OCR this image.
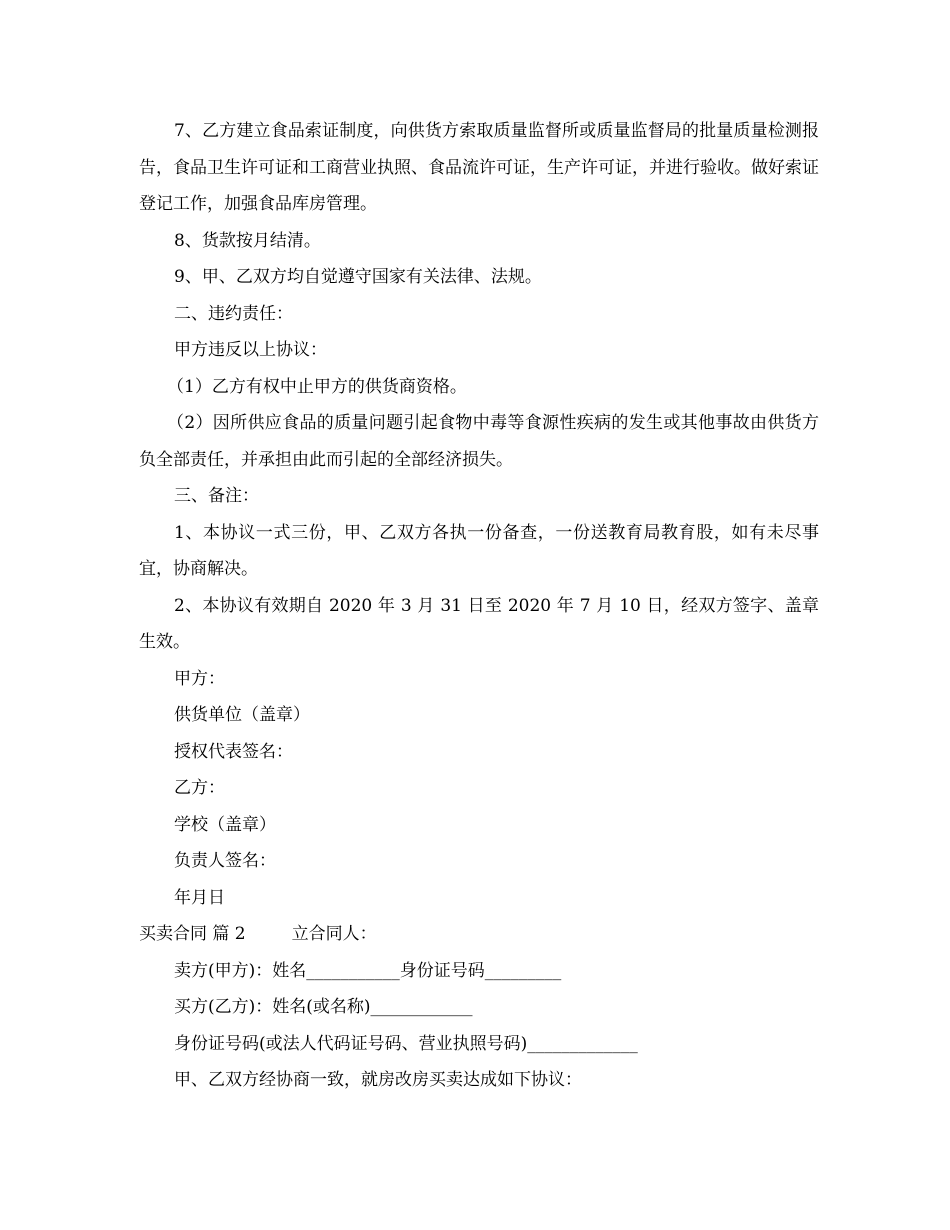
7、乙方建立食品索证制度，向供货方索取质量监督所或质量监督局的批量质量检测报告，食品卫生许可证和工商营业执照、食品流许可证，生产许可证，并进行验收。做好索证登记工作，加强食品库房管理。

8、货款按月结清。

9、甲、乙双方均自觉遵守国家有关法律、法规。

二、违约责任：

甲方违反以上协议：

（1）乙方有权中止甲方的供货商资格。

（2）因所供应食品的质量问题引起食物中毒等食源性疾病的发生或其他事故由供货方负全部责任，并承担由此而引起的全部经济损失。

三、备注：

1、本协议一式三份，甲、乙双方各执一份备查，一份送教育局教育股，如有未尽事宜，协商解决。

2、本协议有效期自 2020 年 3 月 31 日至 2020 年 7 月 10 日，经双方签字、盖章生效。

甲方：

供货单位（盖章）

授权代表签名：

乙方：

学校（盖章）

负责人签名：

年月日

买卖合同 篇 2	立合同人：

卖方(甲方)：姓名___________身份证号码_________

买方(乙方)：姓名(或名称)____________

身份证号码(或法人代码证号码、营业执照号码)_____________

甲、乙双方经协商一致，就房改房买卖达成如下协议：
